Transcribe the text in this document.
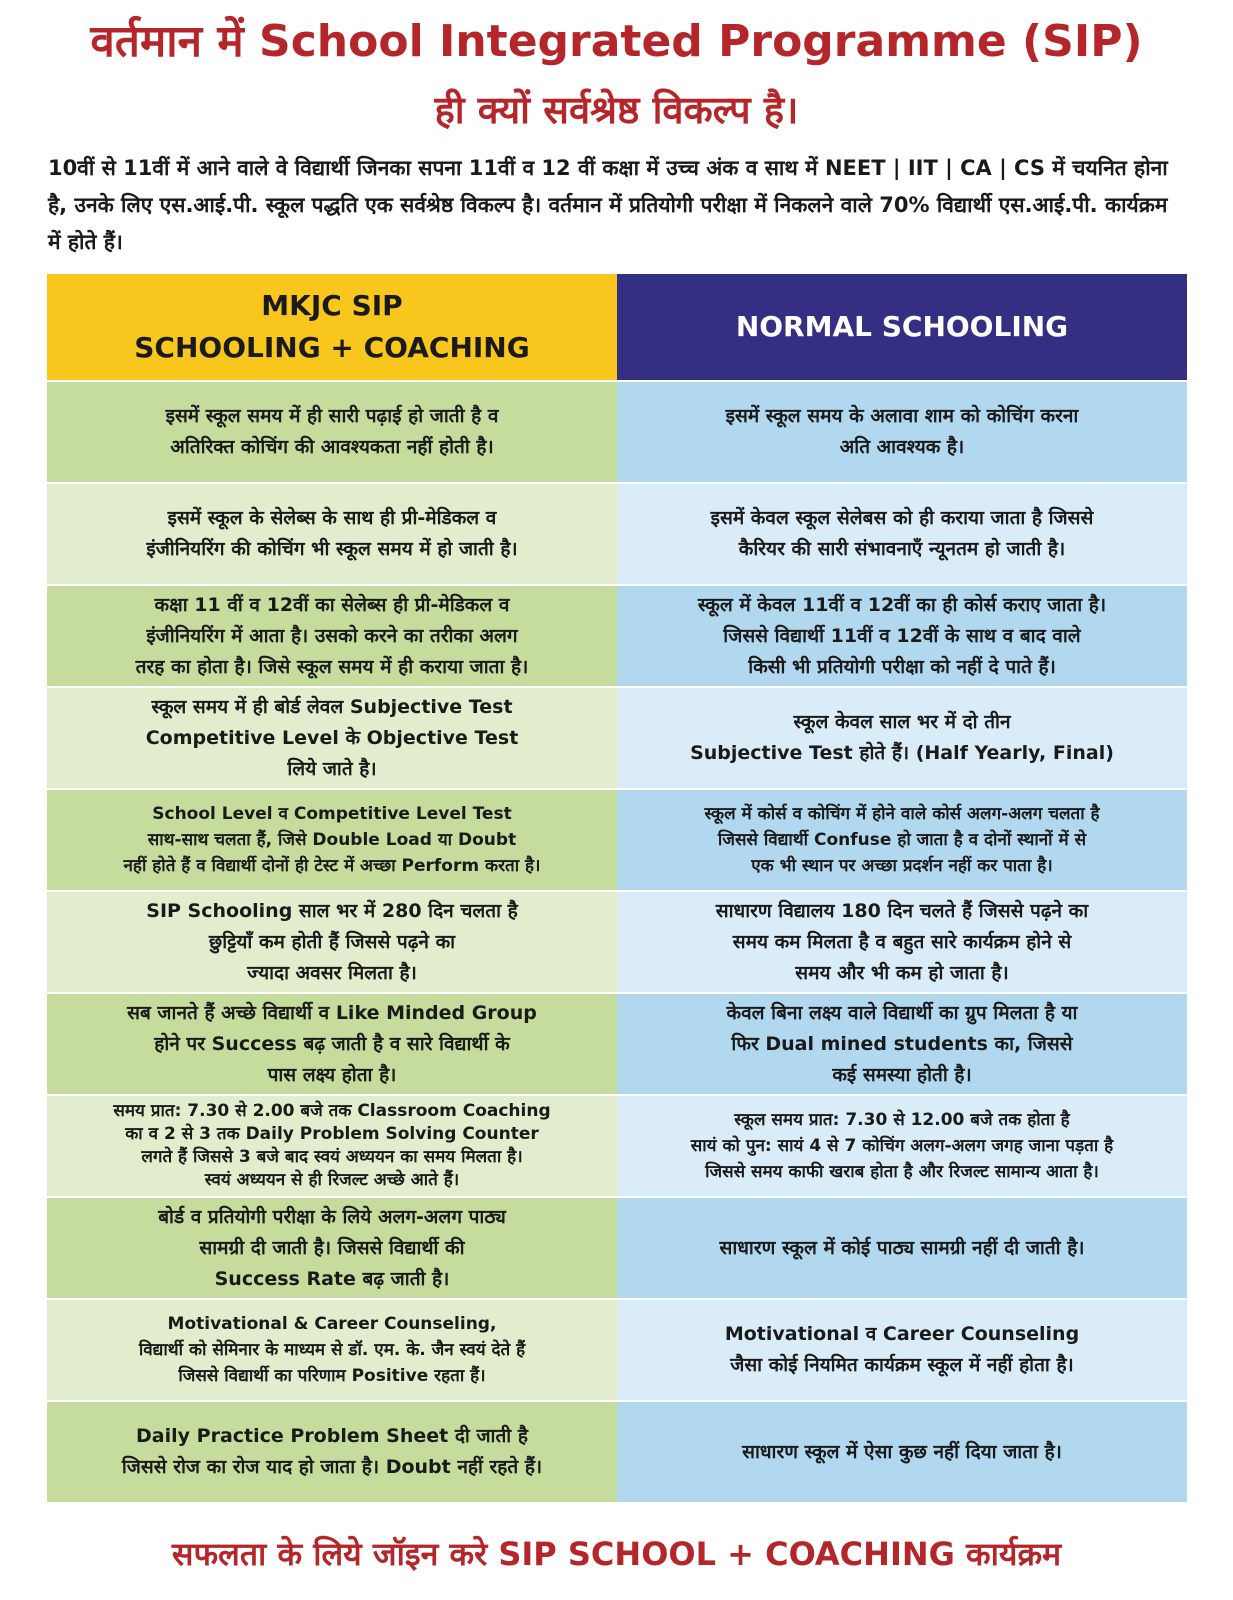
वर्तमान में School Integrated Programme (SIP)
ही क्यों सर्वश्रेष्ठ विकल्प है।
10वीं से 11वीं में आने वाले वे विद्यार्थी जिनका सपना 11वीं व 12 वीं कक्षा में उच्च अंक व साथ में NEET | IIT | CA | CS में चयनित होना है, उनके लिए एस.आई.पी. स्कूल पद्धति एक सर्वश्रेष्ठ विकल्प है। वर्तमान में प्रतियोगी परीक्षा में निकलने वाले 70% विद्यार्थी एस.आई.पी. कार्यक्रम में होते हैं।
MKJC SIP
SCHOOLING + COACHING
NORMAL SCHOOLING
इसमें स्कूल समय में ही सारी पढ़ाई हो जाती है व
अतिरिक्त कोचिंग की आवश्यकता नहीं होती है।
इसमें स्कूल समय के अलावा शाम को कोचिंग करना
अति आवश्यक है।
इसमें स्कूल के सेलेब्स के साथ ही प्री-मेडिकल व
इंजीनियरिंग की कोचिंग भी स्कूल समय में हो जाती है।
इसमें केवल स्कूल सेलेबस को ही कराया जाता है जिससे
कैरियर की सारी संभावनाएँ न्यूनतम हो जाती है।
कक्षा 11 वीं व 12वीं का सेलेब्स ही प्री-मेडिकल व
इंजीनियरिंग में आता है। उसको करने का तरीका अलग
तरह का होता है। जिसे स्कूल समय में ही कराया जाता है।
स्कूल में केवल 11वीं व 12वीं का ही कोर्स कराए जाता है।
जिससे विद्यार्थी 11वीं व 12वीं के साथ व बाद वाले
किसी भी प्रतियोगी परीक्षा को नहीं दे पाते हैं।
स्कूल समय में ही बोर्ड लेवल Subjective Test
Competitive Level के Objective Test
लिये जाते है।
स्कूल केवल साल भर में दो तीन
Subjective Test होते हैं। (Half Yearly, Final)
School Level व Competitive Level Test
साथ-साथ चलता हैं, जिसे Double Load या Doubt
नहीं होते हैं व विद्यार्थी दोनों ही टेस्ट में अच्छा Perform करता है।
स्कूल में कोर्स व कोचिंग में होने वाले कोर्स अलग-अलग चलता है
जिससे विद्यार्थी Confuse हो जाता है व दोनों स्थानों में से
एक भी स्थान पर अच्छा प्रदर्शन नहीं कर पाता है।
SIP Schooling साल भर में 280 दिन चलता है
छुट्टियाँ कम होती हैं जिससे पढ़ने का
ज्यादा अवसर मिलता है।
साधारण विद्यालय 180 दिन चलते हैं जिससे पढ़ने का
समय कम मिलता है व बहुत सारे कार्यक्रम होने से
समय और भी कम हो जाता है।
सब जानते हैं अच्छे विद्यार्थी व Like Minded Group
होने पर Success बढ़ जाती है व सारे विद्यार्थी के
पास लक्ष्य होता है।
केवल बिना लक्ष्य वाले विद्यार्थी का ग्रुप मिलता है या
फिर Dual mined students का, जिससे
कई समस्या होती है।
समय प्रात: 7.30 से 2.00 बजे तक Classroom Coaching
का व 2 से 3 तक Daily Problem Solving Counter
लगते हैं जिससे 3 बजे बाद स्वयं अध्ययन का समय मिलता है।
स्वयं अध्ययन से ही रिजल्ट अच्छे आते हैं।
स्कूल समय प्रात: 7.30 से 12.00 बजे तक होता है
सायं को पुन: सायं 4 से 7 कोचिंग अलग-अलग जगह जाना पड़ता है
जिससे समय काफी खराब होता है और रिजल्ट सामान्य आता है।
बोर्ड व प्रतियोगी परीक्षा के लिये अलग-अलग पाठ्य
सामग्री दी जाती है। जिससे विद्यार्थी की
Success Rate बढ़ जाती है।
साधारण स्कूल में कोई पाठ्य सामग्री नहीं दी जाती है।
Motivational & Career Counseling,
विद्यार्थी को सेमिनार के माध्यम से डॉ. एम. के. जैन स्वयं देते हैं
जिससे विद्यार्थी का परिणाम Positive रहता हैं।
Motivational व Career Counseling
जैसा कोई नियमित कार्यक्रम स्कूल में नहीं होता है।
Daily Practice Problem Sheet दी जाती है
जिससे रोज का रोज याद हो जाता है। Doubt नहीं रहते हैं।
साधारण स्कूल में ऐसा कुछ नहीं दिया जाता है।
सफलता के लिये जॉइन करे SIP SCHOOL + COACHING कार्यक्रम
